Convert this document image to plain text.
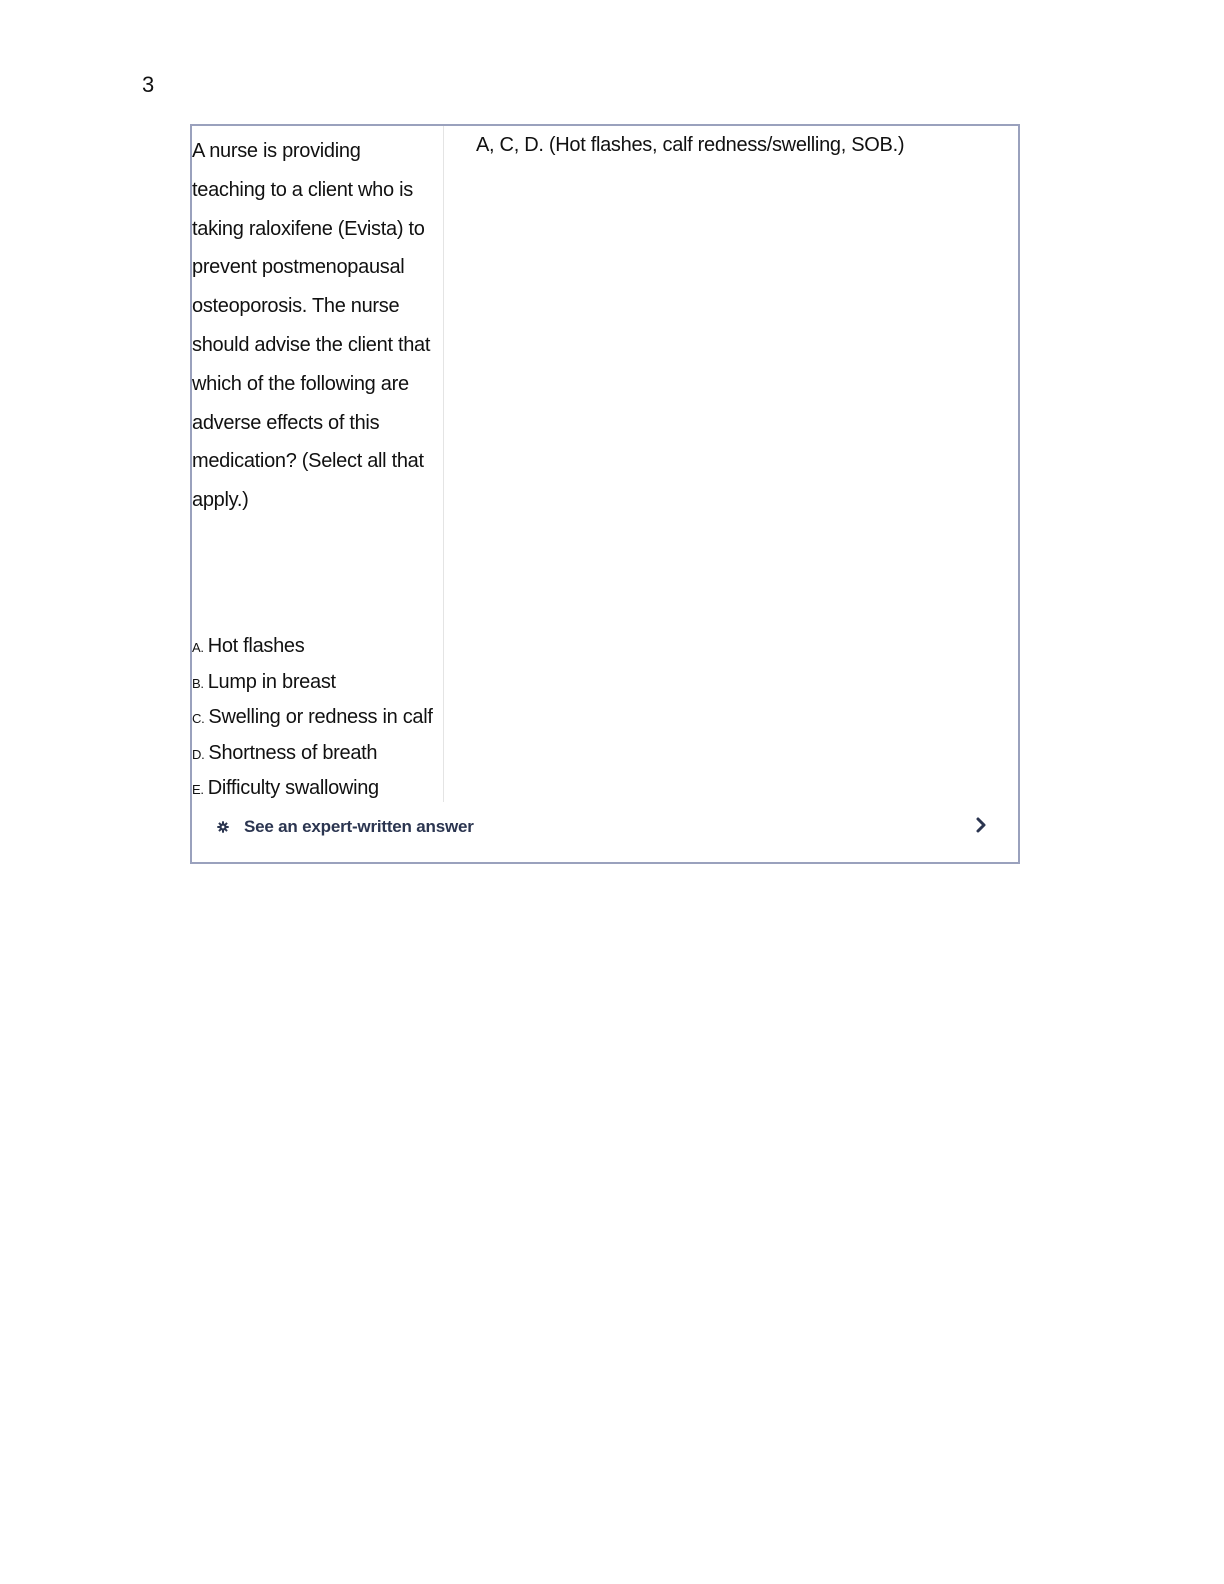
3

A nurse is providing teaching to a client who is taking raloxifene (Evista) to prevent postmenopausal osteoporosis. The nurse should advise the client that which of the following are adverse effects of this medication? (Select all that apply.)

A. Hot flashes
B. Lump in breast
C. Swelling or redness in calf
D. Shortness of breath
E. Difficulty swallowing
A, C, D. (Hot flashes, calf redness/swelling, SOB.)
See an expert-written answer
